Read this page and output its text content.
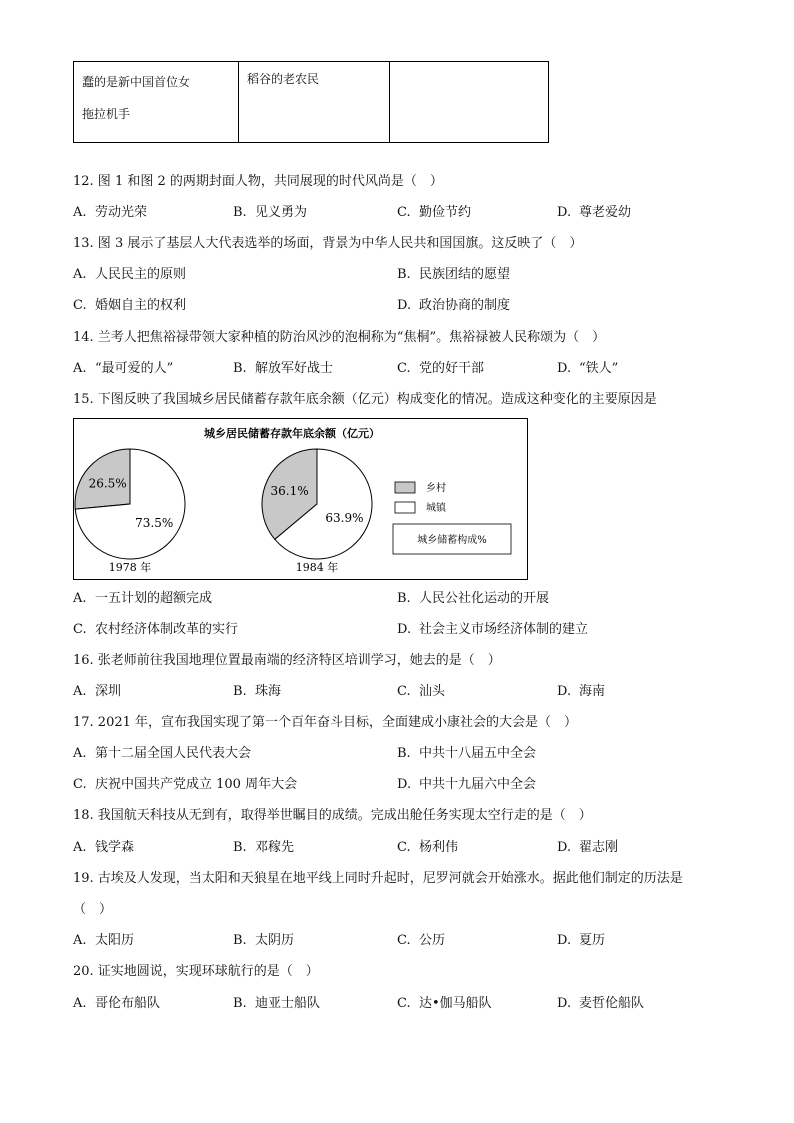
蠢的是新中国首位女
拖拉机手
	稻谷的老农民	
12. 图 1 和图 2 的两期封面人物，共同展现的时代风尚是（　）
A. 劳动光荣	B. 见义勇为	C. 勤俭节约	D. 尊老爱幼
13. 图 3 展示了基层人大代表选举的场面，背景为中华人民共和国国旗。这反映了（　）
A. 人民民主的原则	B. 民族团结的愿望
C. 婚姻自主的权利	D. 政治协商的制度
14. 兰考人把焦裕禄带领大家种植的防治风沙的泡桐称为“焦桐”。焦裕禄被人民称颂为（　）
A. “最可爱的人”	B. 解放军好战士	C. 党的好干部	D. “铁人”
15. 下图反映了我国城乡居民储蓄存款年底余额（亿元）构成变化的情况。造成这种变化的主要原因是
城乡居民储蓄存款年底余额（亿元）
26.5%
73.5%
36.1%
63.9%
1978 年	1984 年
乡村
城镇
城乡储蓄构成%
A. 一五计划的超额完成	B. 人民公社化运动的开展
C. 农村经济体制改革的实行	D. 社会主义市场经济体制的建立
16. 张老师前往我国地理位置最南端的经济特区培训学习，她去的是（　）
A. 深圳	B. 珠海	C. 汕头	D. 海南
17. 2021 年，宣布我国实现了第一个百年奋斗目标，全面建成小康社会的大会是（　）
A. 第十二届全国人民代表大会	B. 中共十八届五中全会
C. 庆祝中国共产党成立 100 周年大会	D. 中共十九届六中全会
18. 我国航天科技从无到有，取得举世瞩目的成绩。完成出舱任务实现太空行走的是（　）
A. 钱学森	B. 邓稼先	C. 杨利伟	D. 翟志刚
19. 古埃及人发现，当太阳和天狼星在地平线上同时升起时，尼罗河就会开始涨水。据此他们制定的历法是
（　）
A. 太阳历	B. 太阴历	C. 公历	D. 夏历
20. 证实地圆说，实现环球航行的是（　）
A. 哥伦布船队	B. 迪亚士船队	C. 达•伽马船队	D. 麦哲伦船队
